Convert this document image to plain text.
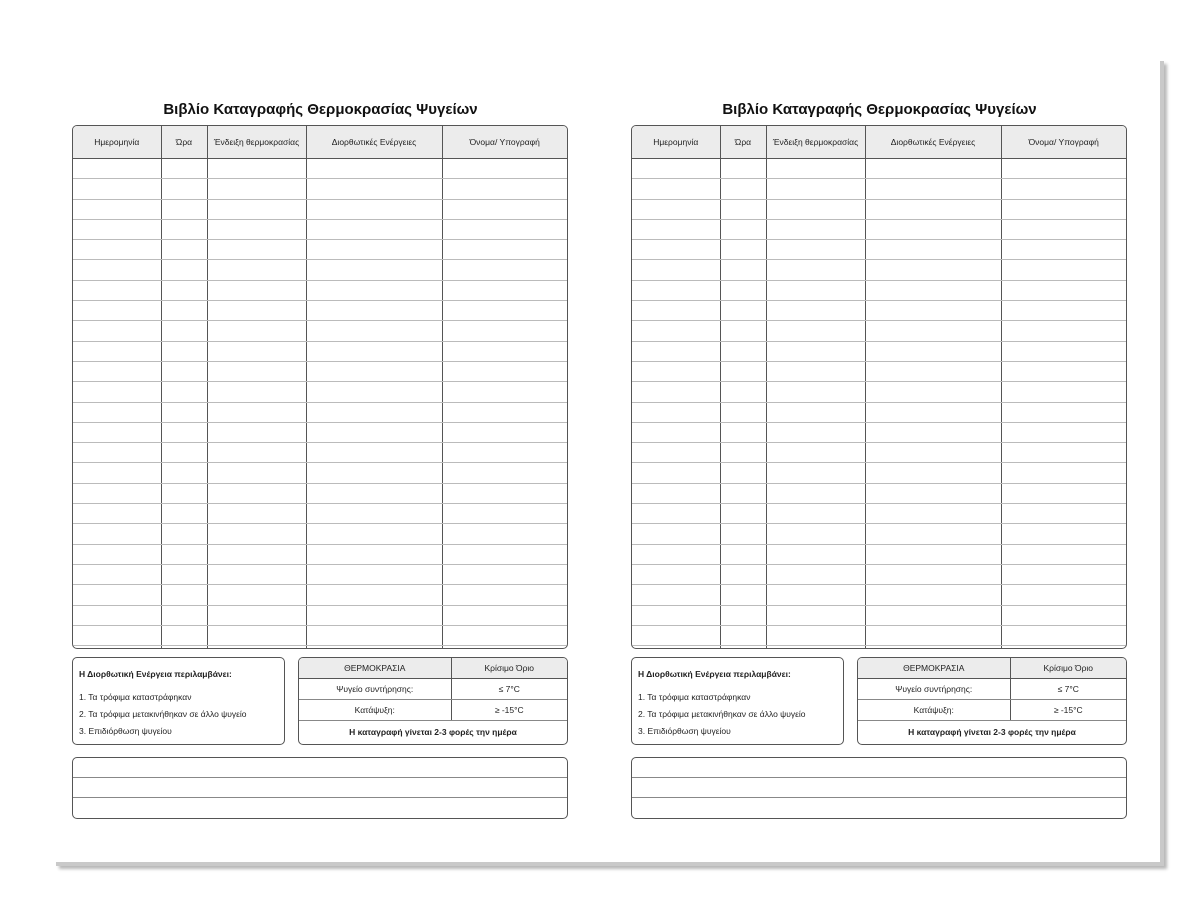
Βιβλίο Καταγραφής Θερμοκρασίας Ψυγείων
Ημερομηνία	Ώρα	Ένδειξη θερμοκρασίας	Διορθωτικές Ενέργειες	Όνομα/ Υπογραφή

Η Διορθωτική Ενέργεια περιλαμβάνει:
1. Τα τρόφιμα καταστράφηκαν
2. Τα τρόφιμα μετακινήθηκαν σε άλλο ψυγείο
3. Επιδιόρθωση ψυγείου
ΘΕΡΜΟΚΡΑΣΙΑ	Κρίσιμο Όριο
Ψυγείο συντήρησης:	≤ 7°C
Κατάψυξη:	≥ -15°C
Η καταγραφή γίνεται 2-3 φορές την ημέρα	
Βιβλίο Καταγραφής Θερμοκρασίας Ψυγείων
Ημερομηνία	Ώρα	Ένδειξη θερμοκρασίας	Διορθωτικές Ενέργειες	Όνομα/ Υπογραφή

Η Διορθωτική Ενέργεια περιλαμβάνει:
1. Τα τρόφιμα καταστράφηκαν
2. Τα τρόφιμα μετακινήθηκαν σε άλλο ψυγείο
3. Επιδιόρθωση ψυγείου
ΘΕΡΜΟΚΡΑΣΙΑ	Κρίσιμο Όριο
Ψυγείο συντήρησης:	≤ 7°C
Κατάψυξη:	≥ -15°C
Η καταγραφή γίνεται 2-3 φορές την ημέρα	
